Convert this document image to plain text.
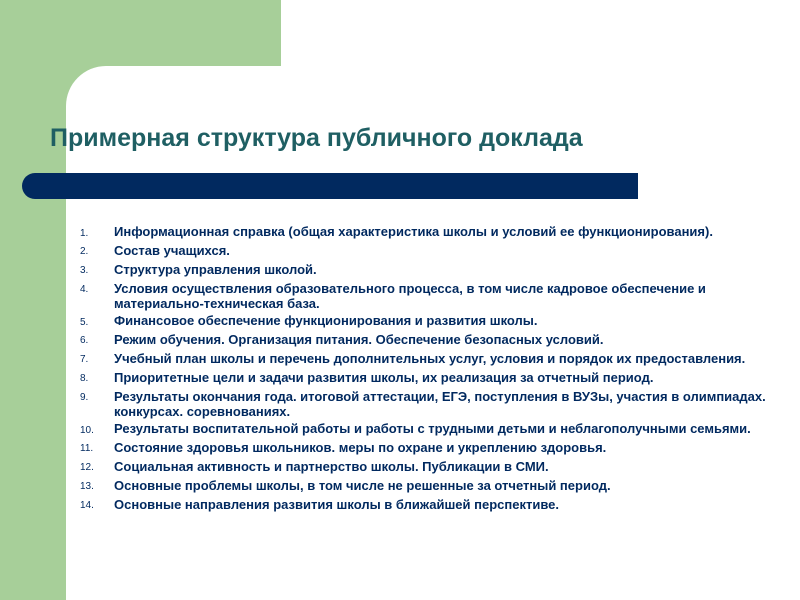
Примерная структура публичного доклада
1.	Информационная справка (общая характеристика школы и условий ее функционирования).
2.	Состав учащихся.
3.	Структура управления школой.
4.	Условия осуществления образовательного процесса, в том числе кадровое обеспечение и материально-техническая база.
5.	Финансовое обеспечение функционирования и развития школы.
6.	Режим обучения. Организация питания. Обеспечение безопасных условий.
7.	Учебный план школы и перечень дополнительных услуг, условия и порядок их предоставления.
8.	Приоритетные цели и задачи развития школы, их реализация за отчетный период.
9.	Результаты окончания года. итоговой аттестации, ЕГЭ, поступления в ВУЗы, участия в олимпиадах. конкурсах. соревнованиях.
10.	Результаты воспитательной работы и работы с трудными детьми и неблагополучными семьями.
11.	Состояние здоровья школьников. меры по охране и укреплению здоровья.
12.	Социальная активность и партнерство школы. Публикации в СМИ.
13.	Основные проблемы школы, в том числе не решенные за отчетный период.
14.	Основные направления развития школы в ближайшей перспективе.
